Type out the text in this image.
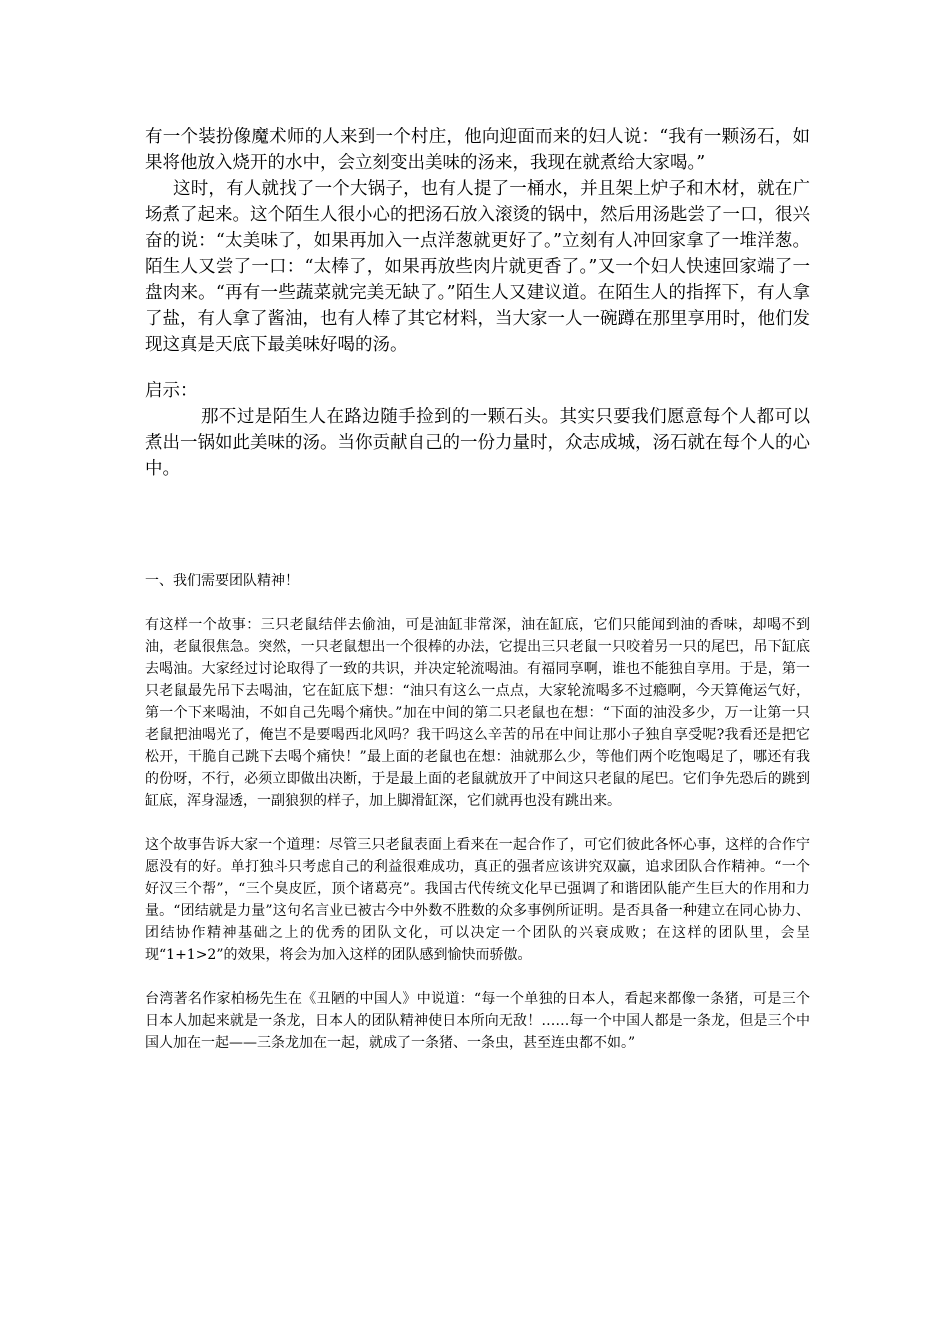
有一个装扮像魔术师的人来到一个村庄，他向迎面而来的妇人说：“我有一颗汤石，如果将他放入烧开的水中，会立刻变出美味的汤来，我现在就煮给大家喝。”

这时，有人就找了一个大锅子，也有人提了一桶水，并且架上炉子和木材，就在广场煮了起来。这个陌生人很小心的把汤石放入滚烫的锅中，然后用汤匙尝了一口，很兴奋的说：“太美味了，如果再加入一点洋葱就更好了。”立刻有人冲回家拿了一堆洋葱。陌生人又尝了一口：“太棒了，如果再放些肉片就更香了。”又一个妇人快速回家端了一盘肉来。“再有一些蔬菜就完美无缺了。”陌生人又建议道。在陌生人的指挥下，有人拿了盐，有人拿了酱油，也有人棒了其它材料，当大家一人一碗蹲在那里享用时，他们发现这真是天底下最美味好喝的汤。

启示：

那不过是陌生人在路边随手捡到的一颗石头。其实只要我们愿意每个人都可以煮出一锅如此美味的汤。当你贡献自己的一份力量时，众志成城，汤石就在每个人的心中。

一、我们需要团队精神！

有这样一个故事：三只老鼠结伴去偷油，可是油缸非常深，油在缸底，它们只能闻到油的香味，却喝不到油，老鼠很焦急。突然，一只老鼠想出一个很棒的办法，它提出三只老鼠一只咬着另一只的尾巴，吊下缸底去喝油。大家经过讨论取得了一致的共识，并决定轮流喝油。有福同享啊，谁也不能独自享用。于是，第一只老鼠最先吊下去喝油，它在缸底下想：“油只有这么一点点，大家轮流喝多不过瘾啊，今天算俺运气好，第一个下来喝油，不如自己先喝个痛快。”加在中间的第二只老鼠也在想：“下面的油没多少，万一让第一只老鼠把油喝光了，俺岂不是要喝西北风吗？我干吗这么辛苦的吊在中间让那小子独自享受呢?我看还是把它松开，干脆自己跳下去喝个痛快！”最上面的老鼠也在想：油就那么少，等他们两个吃饱喝足了，哪还有我的份呀，不行，必须立即做出决断，于是最上面的老鼠就放开了中间这只老鼠的尾巴。它们争先恐后的跳到缸底，浑身湿透，一副狼狈的样子，加上脚滑缸深，它们就再也没有跳出来。

这个故事告诉大家一个道理：尽管三只老鼠表面上看来在一起合作了，可它们彼此各怀心事，这样的合作宁愿没有的好。单打独斗只考虑自己的利益很难成功，真正的强者应该讲究双赢，追求团队合作精神。“一个好汉三个帮”，“三个臭皮匠，顶个诸葛亮”。我国古代传统文化早已强调了和谐团队能产生巨大的作用和力量。“团结就是力量”这句名言业已被古今中外数不胜数的众多事例所证明。是否具备一种建立在同心协力、团结协作精神基础之上的优秀的团队文化，可以决定一个团队的兴衰成败；在这样的团队里，会呈现“1+1>2”的效果，将会为加入这样的团队感到愉快而骄傲。

台湾著名作家柏杨先生在《丑陋的中国人》中说道：“每一个单独的日本人，看起来都像一条猪，可是三个日本人加起来就是一条龙，日本人的团队精神使日本所向无敌！……每一个中国人都是一条龙，但是三个中国人加在一起——三条龙加在一起，就成了一条猪、一条虫，甚至连虫都不如。”
